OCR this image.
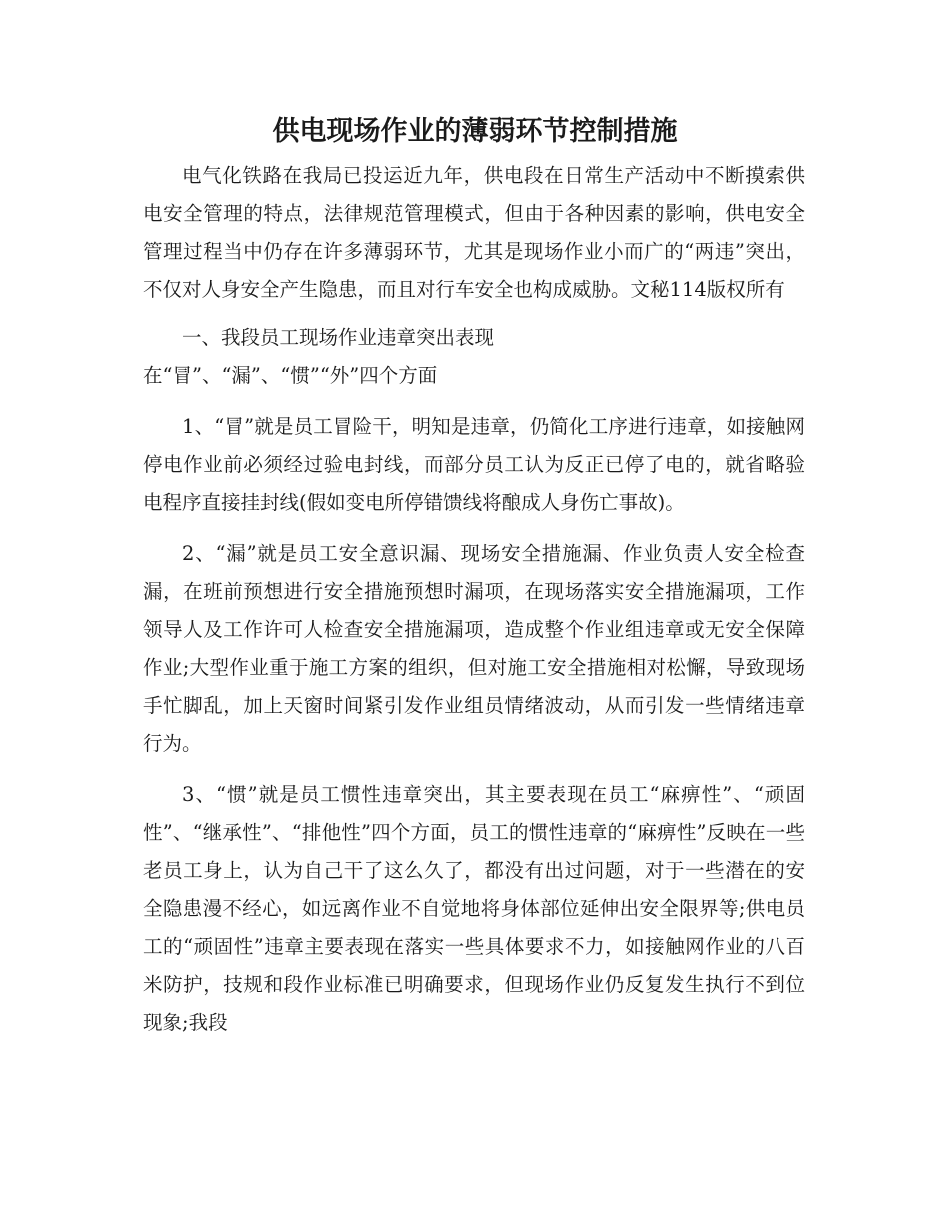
供电现场作业的薄弱环节控制措施

电气化铁路在我局已投运近九年，供电段在日常生产活动中不断摸索供电安全管理的特点，法律规范管理模式，但由于各种因素的影响，供电安全管理过程当中仍存在许多薄弱环节，尤其是现场作业小而广的“两违”突出，不仅对人身安全产生隐患，而且对行车安全也构成威胁。文秘114版权所有

一、我段员工现场作业违章突出表现

在“冒”、“漏”、“惯”“外”四个方面

1、“冒”就是员工冒险干，明知是违章，仍简化工序进行违章，如接触网停电作业前必须经过验电封线，而部分员工认为反正已停了电的，就省略验电程序直接挂封线(假如变电所停错馈线将酿成人身伤亡事故)。

2、“漏”就是员工安全意识漏、现场安全措施漏、作业负责人安全检查漏，在班前预想进行安全措施预想时漏项，在现场落实安全措施漏项，工作领导人及工作许可人检查安全措施漏项，造成整个作业组违章或无安全保障作业;大型作业重于施工方案的组织，但对施工安全措施相对松懈，导致现场手忙脚乱，加上天窗时间紧引发作业组员情绪波动，从而引发一些情绪违章行为。

3、“惯”就是员工惯性违章突出，其主要表现在员工“麻痹性”、“顽固性”、“继承性”、“排他性”四个方面，员工的惯性违章的“麻痹性”反映在一些老员工身上，认为自己干了这么久了，都没有出过问题，对于一些潜在的安全隐患漫不经心，如远离作业不自觉地将身体部位延伸出安全限界等;供电员工的“顽固性”违章主要表现在落实一些具体要求不力，如接触网作业的八百米防护，技规和段作业标准已明确要求，但现场作业仍反复发生执行不到位现象;我段
